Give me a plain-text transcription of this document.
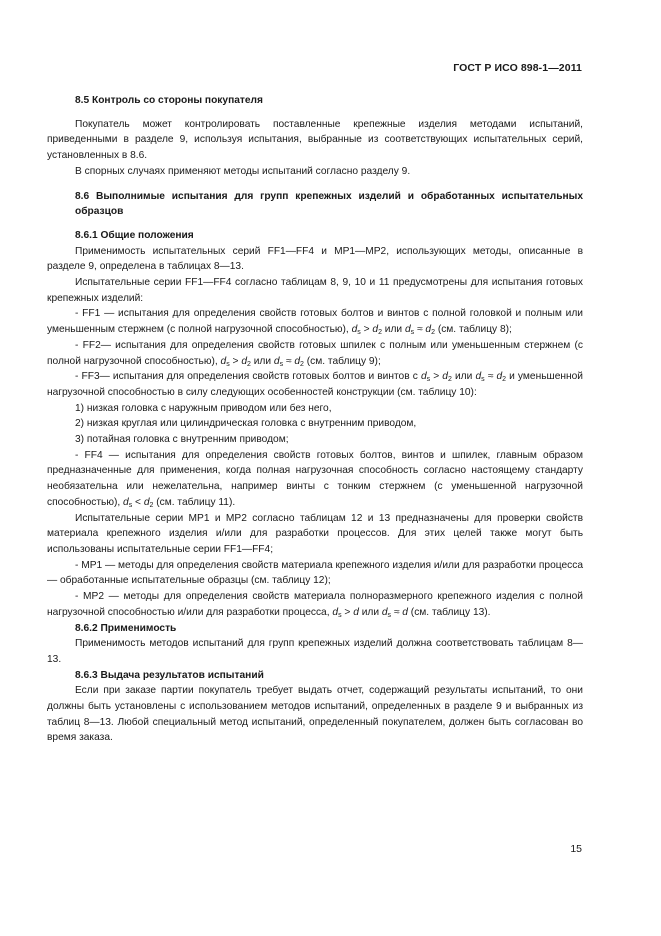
ГОСТ Р ИСО 898-1—2011

8.5 Контроль со стороны покупателя

Покупатель может контролировать поставленные крепежные изделия методами испытаний, приведенными в разделе 9, используя испытания, выбранные из соответствующих испытательных серий, установленных в 8.6.

В спорных случаях применяют методы испытаний согласно разделу 9.

8.6 Выполнимые испытания для групп крепежных изделий и обработанных испытательных образцов

8.6.1 Общие положения

Применимость испытательных серий FF1—FF4 и MP1—MP2, использующих методы, описанные в разделе 9, определена в таблицах 8—13.

Испытательные серии FF1—FF4 согласно таблицам 8, 9, 10 и 11 предусмотрены для испытания готовых крепежных изделий:

- FF1 — испытания для определения свойств готовых болтов и винтов с полной головкой и полным или уменьшенным стержнем (с полной нагрузочной способностью), $d_s > d_2$ или $d_s \approx d_2$ (см. таблицу 8);

- FF2— испытания для определения свойств готовых шпилек с полным или уменьшенным стержнем (с полной нагрузочной способностью), $d_s > d_2$ или $d_s \approx d_2$ (см. таблицу 9);

- FF3— испытания для определения свойств готовых болтов и винтов с $d_s > d_2$ или $d_s \approx d_2$ и уменьшенной нагрузочной способностью в силу следующих особенностей конструкции (см. таблицу 10):

1) низкая головка с наружным приводом или без него,

2) низкая круглая или цилиндрическая головка с внутренним приводом,

3) потайная головка с внутренним приводом;

- FF4 — испытания для определения свойств готовых болтов, винтов и шпилек, главным образом предназначенные для применения, когда полная нагрузочная способность согласно настоящему стандарту необязательна или нежелательна, например винты с тонким стержнем (с уменьшенной нагрузочной способностью), $d_s < d_2$ (см. таблицу 11).

Испытательные серии MP1 и MP2 согласно таблицам 12 и 13 предназначены для проверки свойств материала крепежного изделия и/или для разработки процессов. Для этих целей также могут быть использованы испытательные серии FF1—FF4;

- MP1 — методы для определения свойств материала крепежного изделия и/или для разработки процесса — обработанные испытательные образцы (см. таблицу 12);

- MP2 — методы для определения свойств материала полноразмерного крепежного изделия с полной нагрузочной способностью и/или для разработки процесса, $d_s > d$ или $d_s \approx d$ (см. таблицу 13).

8.6.2 Применимость

Применимость методов испытаний для групп крепежных изделий должна соответствовать таблицам 8—13.

8.6.3 Выдача результатов испытаний

Если при заказе партии покупатель требует выдать отчет, содержащий результаты испытаний, то они должны быть установлены с использованием методов испытаний, определенных в разделе 9 и выбранных из таблиц 8—13. Любой специальный метод испытаний, определенный покупателем, должен быть согласован во время заказа.

15
